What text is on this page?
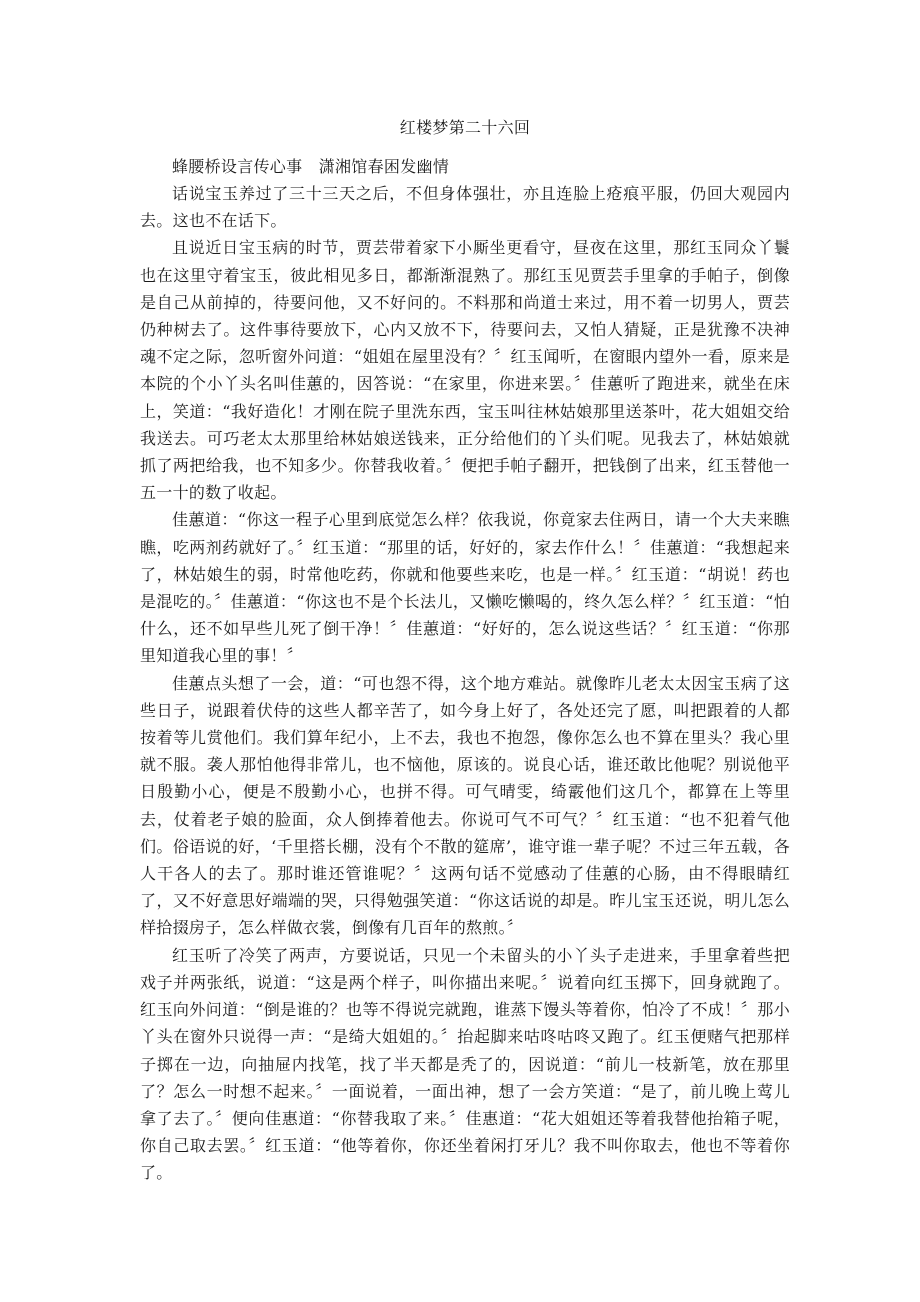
红楼梦第二十六回

蜂腰桥设言传心事　潇湘馆春困发幽情

话说宝玉养过了三十三天之后，不但身体强壮，亦且连脸上疮痕平服，仍回大观园内去。这也不在话下。

且说近日宝玉病的时节，贾芸带着家下小厮坐更看守，昼夜在这里，那红玉同众丫鬟也在这里守着宝玉，彼此相见多日，都渐渐混熟了。那红玉见贾芸手里拿的手帕子，倒像是自己从前掉的，待要问他，又不好问的。不料那和尚道士来过，用不着一切男人，贾芸仍种树去了。这件事待要放下，心内又放不下，待要问去，又怕人猜疑，正是犹豫不决神魂不定之际，忽听窗外问道：“姐姐在屋里没有？〞红玉闻听，在窗眼内望外一看，原来是本院的个小丫头名叫佳蕙的，因答说：“在家里，你进来罢。〞佳蕙听了跑进来，就坐在床上，笑道：“我好造化！才刚在院子里洗东西，宝玉叫往林姑娘那里送茶叶，花大姐姐交给我送去。可巧老太太那里给林姑娘送钱来，正分给他们的丫头们呢。见我去了，林姑娘就抓了两把给我，也不知多少。你替我收着。〞便把手帕子翻开，把钱倒了出来，红玉替他一五一十的数了收起。

佳蕙道：“你这一程子心里到底觉怎么样？依我说，你竟家去住两日，请一个大夫来瞧瞧，吃两剂药就好了。〞红玉道：“那里的话，好好的，家去作什么！〞佳蕙道：“我想起来了，林姑娘生的弱，时常他吃药，你就和他要些来吃，也是一样。〞红玉道：“胡说！药也是混吃的。〞佳蕙道：“你这也不是个长法儿，又懒吃懒喝的，终久怎么样？〞红玉道：“怕什么，还不如早些儿死了倒干净！〞佳蕙道：“好好的，怎么说这些话？〞红玉道：“你那里知道我心里的事！〞

佳蕙点头想了一会，道：“可也怨不得，这个地方难站。就像昨儿老太太因宝玉病了这些日子，说跟着伏侍的这些人都辛苦了，如今身上好了，各处还完了愿，叫把跟着的人都按着等儿赏他们。我们算年纪小，上不去，我也不抱怨，像你怎么也不算在里头？我心里就不服。袭人那怕他得非常儿，也不恼他，原该的。说良心话，谁还敢比他呢？别说他平日殷勤小心，便是不殷勤小心，也拼不得。可气晴雯，绮霰他们这几个，都算在上等里去，仗着老子娘的脸面，众人倒捧着他去。你说可气不可气？〞红玉道：“也不犯着气他们。俗语说的好，‘千里搭长棚，没有个不散的筵席’，谁守谁一辈子呢？不过三年五载，各人干各人的去了。那时谁还管谁呢？〞这两句话不觉感动了佳蕙的心肠，由不得眼睛红了，又不好意思好端端的哭，只得勉强笑道：“你这话说的却是。昨儿宝玉还说，明儿怎么样拾掇房子，怎么样做衣裳，倒像有几百年的熬煎。〞

红玉听了冷笑了两声，方要说话，只见一个未留头的小丫头子走进来，手里拿着些把戏子并两张纸，说道：“这是两个样子，叫你描出来呢。〞说着向红玉掷下，回身就跑了。红玉向外问道：“倒是谁的？也等不得说完就跑，谁蒸下馒头等着你，怕冷了不成！〞那小丫头在窗外只说得一声：“是绮大姐姐的。〞抬起脚来咕咚咕咚又跑了。红玉便赌气把那样子掷在一边，向抽屉内找笔，找了半天都是秃了的，因说道：“前儿一枝新笔，放在那里了？怎么一时想不起来。〞一面说着，一面出神，想了一会方笑道：“是了，前儿晚上莺儿拿了去了。〞便向佳惠道：“你替我取了来。〞佳惠道：“花大姐姐还等着我替他抬箱子呢，你自己取去罢。〞红玉道：“他等着你，你还坐着闲打牙儿？我不叫你取去，他也不等着你了。
